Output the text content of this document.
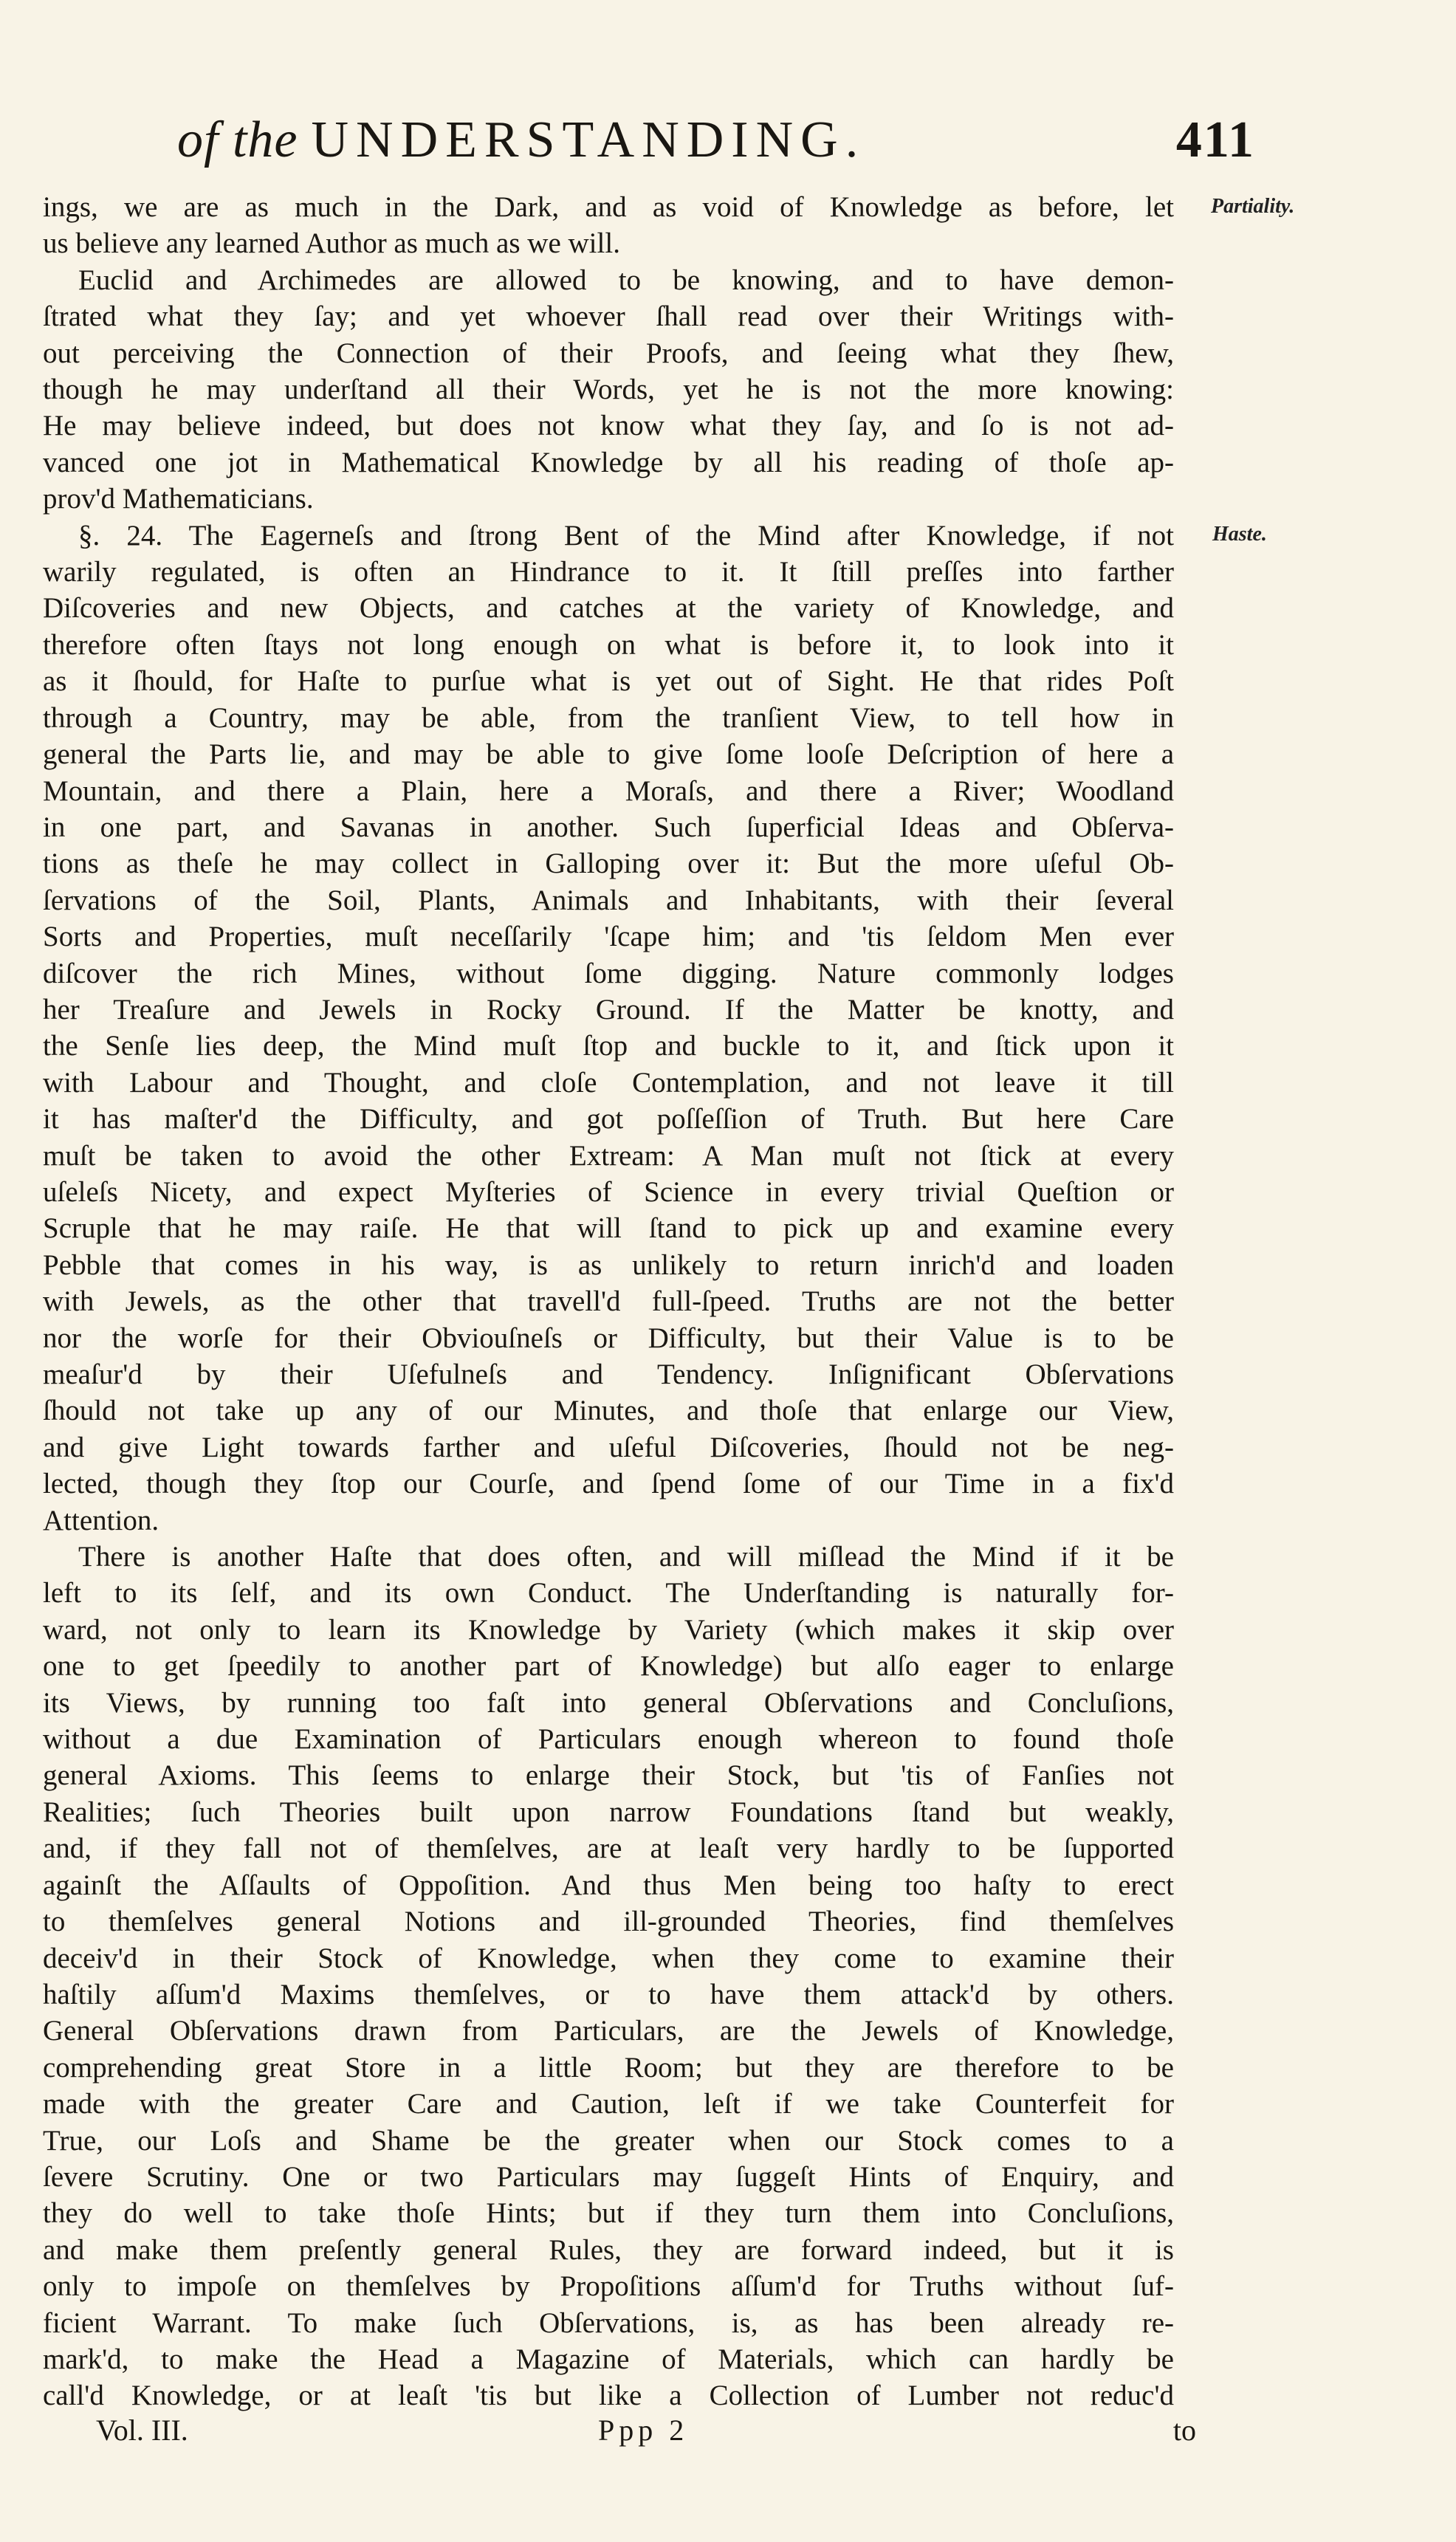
of the UNDERSTANDING.	411
Partiality.
Haste.

ings, we are as much in the Dark, and as void of Knowledge as before, let
us believe any learned Author as much as we will.

Euclid and Archimedes are allowed to be knowing, and to have demon-
ſtrated what they ſay; and yet whoever ſhall read over their Writings with-
out perceiving the Connection of their Proofs, and ſeeing what they ſhew,
though he may underſtand all their Words, yet he is not the more knowing:
He may believe indeed, but does not know what they ſay, and ſo is not ad-
vanced one jot in Mathematical Knowledge by all his reading of thoſe ap-
prov'd Mathematicians.

§. 24. The Eagerneſs and ſtrong Bent of the Mind after Knowledge, if not
warily regulated, is often an Hindrance to it. It ſtill preſſes into farther
Diſcoveries and new Objects, and catches at the variety of Knowledge, and
therefore often ſtays not long enough on what is before it, to look into it
as it ſhould, for Haſte to purſue what is yet out of Sight. He that rides Poſt
through a Country, may be able, from the tranſient View, to tell how in
general the Parts lie, and may be able to give ſome looſe Deſcription of here a
Mountain, and there a Plain, here a Moraſs, and there a River; Woodland
in one part, and Savanas in another. Such ſuperficial Ideas and Obſerva-
tions as theſe he may collect in Galloping over it: But the more uſeful Ob-
ſervations of the Soil, Plants, Animals and Inhabitants, with their ſeveral
Sorts and Properties, muſt neceſſarily 'ſcape him; and 'tis ſeldom Men ever
diſcover the rich Mines, without ſome digging. Nature commonly lodges
her Treaſure and Jewels in Rocky Ground. If the Matter be knotty, and
the Senſe lies deep, the Mind muſt ſtop and buckle to it, and ſtick upon it
with Labour and Thought, and cloſe Contemplation, and not leave it till
it has maſter'd the Difficulty, and got poſſeſſion of Truth. But here Care
muſt be taken to avoid the other Extream: A Man muſt not ſtick at every
uſeleſs Nicety, and expect Myſteries of Science in every trivial Queſtion or
Scruple that he may raiſe. He that will ſtand to pick up and examine every
Pebble that comes in his way, is as unlikely to return inrich'd and loaden
with Jewels, as the other that travell'd full-ſpeed. Truths are not the better
nor the worſe for their Obviouſneſs or Difficulty, but their Value is to be
meaſur'd by their Uſefulneſs and Tendency. Inſignificant Obſervations
ſhould not take up any of our Minutes, and thoſe that enlarge our View,
and give Light towards farther and uſeful Diſcoveries, ſhould not be neg-
lected, though they ſtop our Courſe, and ſpend ſome of our Time in a fix'd
Attention.

There is another Haſte that does often, and will miſlead the Mind if it be
left to its ſelf, and its own Conduct. The Underſtanding is naturally for-
ward, not only to learn its Knowledge by Variety (which makes it skip over
one to get ſpeedily to another part of Knowledge) but alſo eager to enlarge
its Views, by running too faſt into general Obſervations and Concluſions,
without a due Examination of Particulars enough whereon to found thoſe
general Axioms. This ſeems to enlarge their Stock, but 'tis of Fanſies not
Realities; ſuch Theories built upon narrow Foundations ſtand but weakly,
and, if they fall not of themſelves, are at leaſt very hardly to be ſupported
againſt the Aſſaults of Oppoſition. And thus Men being too haſty to erect
to themſelves general Notions and ill-grounded Theories, find themſelves
deceiv'd in their Stock of Knowledge, when they come to examine their
haſtily aſſum'd Maxims themſelves, or to have them attack'd by others.
General Obſervations drawn from Particulars, are the Jewels of Knowledge,
comprehending great Store in a little Room; but they are therefore to be
made with the greater Care and Caution, leſt if we take Counterfeit for
True, our Loſs and Shame be the greater when our Stock comes to a
ſevere Scrutiny. One or two Particulars may ſuggeſt Hints of Enquiry, and
they do well to take thoſe Hints; but if they turn them into Concluſions,
and make them preſently general Rules, they are forward indeed, but it is
only to impoſe on themſelves by Propoſitions aſſum'd for Truths without ſuf-
ficient Warrant. To make ſuch Obſervations, is, as has been already re-
mark'd, to make the Head a Magazine of Materials, which can hardly be
call'd Knowledge, or at leaſt 'tis but like a Collection of Lumber not reduc'd

Vol. III.	Ppp 2	to
